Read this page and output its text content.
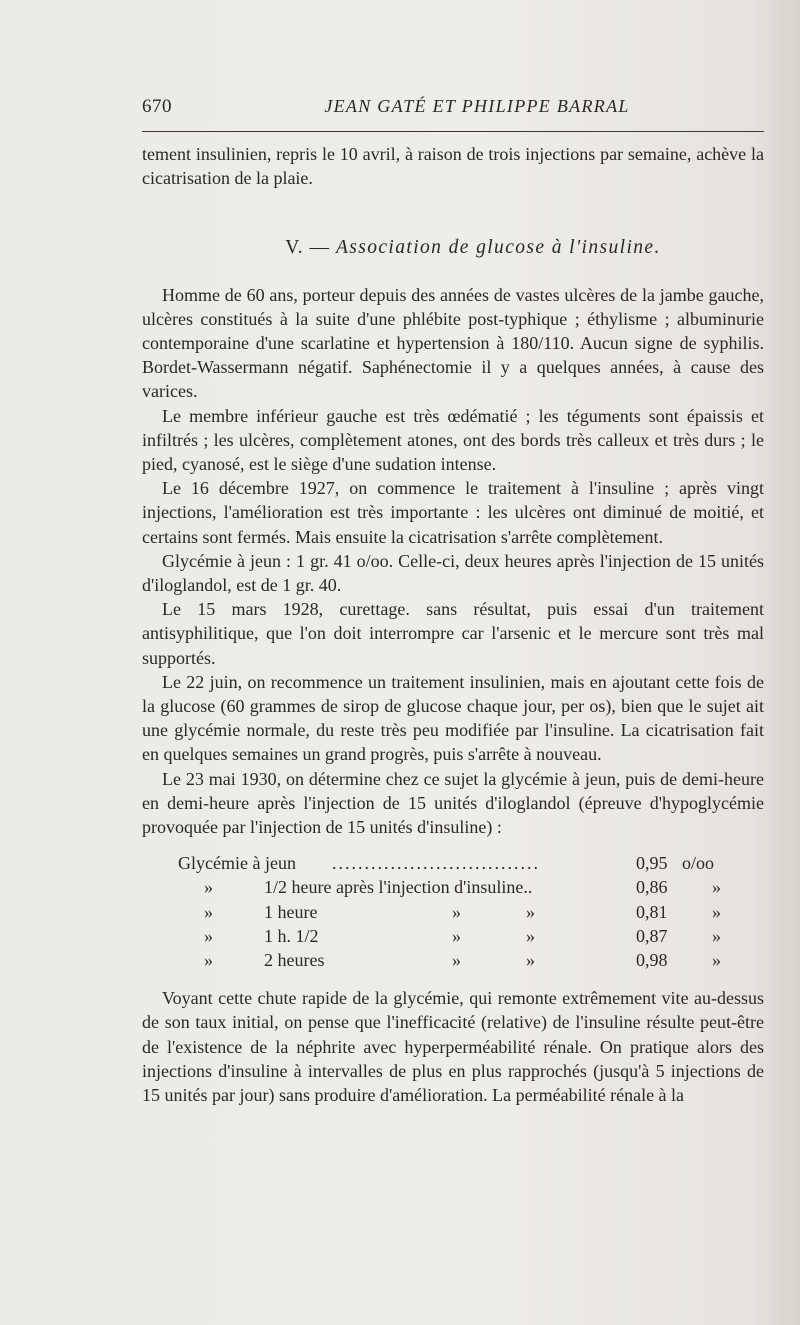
670	JEAN GATÉ ET PHILIPPE BARRAL

tement insulinien, repris le 10 avril, à raison de trois injections par semaine, achève la cicatrisation de la plaie.

V. — Association de glucose à l'insuline.

Homme de 60 ans, porteur depuis des années de vastes ulcères de la jambe gauche, ulcères constitués à la suite d'une phlébite post-typhique ; éthylisme ; albuminurie contemporaine d'une scarlatine et hypertension à 180/110. Aucun signe de syphilis. Bordet-Wassermann négatif. Saphénectomie il y a quelques années, à cause des varices.

Le membre inférieur gauche est très œdématié ; les téguments sont épaissis et infiltrés ; les ulcères, complètement atones, ont des bords très calleux et très durs ; le pied, cyanosé, est le siège d'une sudation intense.

Le 16 décembre 1927, on commence le traitement à l'insuline ; après vingt injections, l'amélioration est très importante : les ulcères ont diminué de moitié, et certains sont fermés. Mais ensuite la cicatrisation s'arrête complètement.

Glycémie à jeun : 1 gr. 41 o/oo. Celle-ci, deux heures après l'injection de 15 unités d'iloglandol, est de 1 gr. 40.

Le 15 mars 1928, curettage. sans résultat, puis essai d'un traitement antisyphilitique, que l'on doit interrompre car l'arsenic et le mercure sont très mal supportés.

Le 22 juin, on recommence un traitement insulinien, mais en ajoutant cette fois de la glucose (60 grammes de sirop de glucose chaque jour, per os), bien que le sujet ait une glycémie normale, du reste très peu modifiée par l'insuline. La cicatrisation fait en quelques semaines un grand progrès, puis s'arrête à nouveau.

Le 23 mai 1930, on détermine chez ce sujet la glycémie à jeun, puis de demi-heure en demi-heure après l'injection de 15 unités d'iloglandol (épreuve d'hypoglycémie provoquée par l'injection de 15 unités d'insuline) :

Glycémie à jeun ................................	0,95 o/oo
»	1/2 heure après l'injection d'insuline..	0,86 »
»	1 heure	»	»	0,81 »
»	1 h. 1/2	»	»	0,87 »
»	2 heures	»	»	0,98 »

Voyant cette chute rapide de la glycémie, qui remonte extrêmement vite au-dessus de son taux initial, on pense que l'inefficacité (relative) de l'insuline résulte peut-être de l'existence de la néphrite avec hyperperméabilité rénale. On pratique alors des injections d'insuline à intervalles de plus en plus rapprochés (jusqu'à 5 injections de 15 unités par jour) sans produire d'amélioration. La perméabilité rénale à la
